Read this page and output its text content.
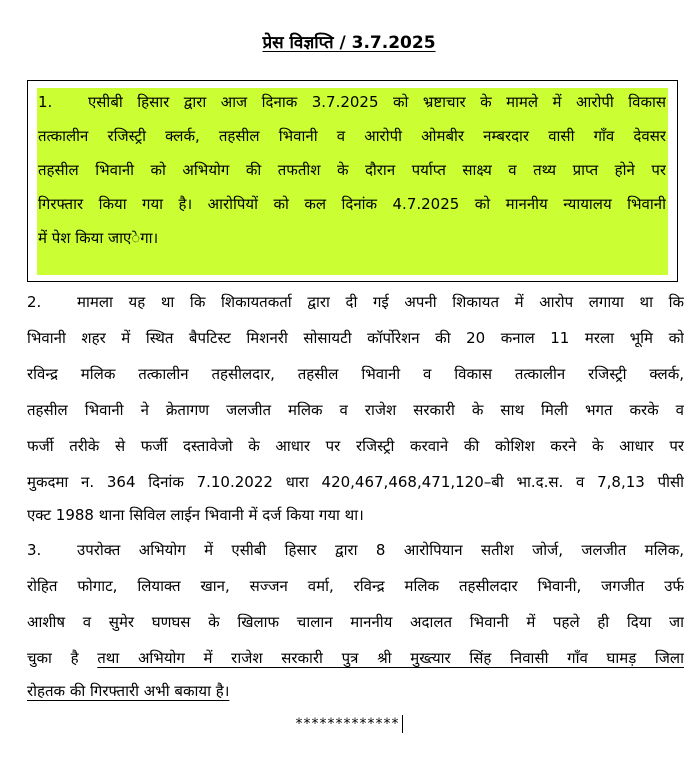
प्रेस विज्ञप्ति / 3.7.2025
1. एसीबी हिसार द्वारा आज दिनाक 3.7.2025 को भ्रष्टाचार के मामले में आरोपी विकास
तत्कालीन रजिस्ट्री क्लर्क, तहसील भिवानी व आरोपी ओमबीर नम्बरदार वासी गाँव देवसर
तहसील भिवानी को अभियोग की तफतीश के दौरान पर्याप्त साक्ष्य व तथ्य प्राप्त होने पर
गिरफ्तार किया गया है। आरोपियों को कल दिनांक 4.7.2025 को माननीय न्यायालय भिवानी
में पेश किया जाएेगा।
2. मामला यह था कि शिकायतकर्ता द्वारा दी गई अपनी शिकायत में आरोप लगाया था कि
भिवानी शहर में स्थित बैपटिस्ट मिशनरी सोसायटी कॉर्पोरेशन की 20 कनाल 11 मरला भूमि को
रविन्द्र मलिक तत्कालीन तहसीलदार, तहसील भिवानी व विकास तत्कालीन रजिस्ट्री क्लर्क,
तहसील भिवानी ने क्रेतागण जलजीत मलिक व राजेश सरकारी के साथ मिली भगत करके व
फर्जी तरीके से फर्जी दस्तावेजो के आधार पर रजिस्ट्री करवाने की कोशिश करने के आधार पर
मुकदमा न. 364 दिनांक 7.10.2022 धारा 420,467,468,471,120–बी भा.द.स. व 7,8,13 पीसी
एक्ट 1988 थाना सिविल लाईन भिवानी में दर्ज किया गया था।
3. उपरोक्त अभियोग में एसीबी हिसार द्वारा 8 आरोपियान सतीश जोर्ज, जलजीत मलिक,
रोहित फोगाट, लियाक्त खान, सज्जन वर्मा, रविन्द्र मलिक तहसीलदार भिवानी, जगजीत उर्फ
आशीष व सुमेर घणघस के खिलाफ चालान माननीय अदालत भिवानी में पहले ही दिया जा
चुका है तथा अभियोग में राजेश सरकारी पुत्र श्री मुख्त्यार सिंह निवासी गाँव घामड़ जिला
रोहतक की गिरफ्तारी अभी बकाया है।
*************
